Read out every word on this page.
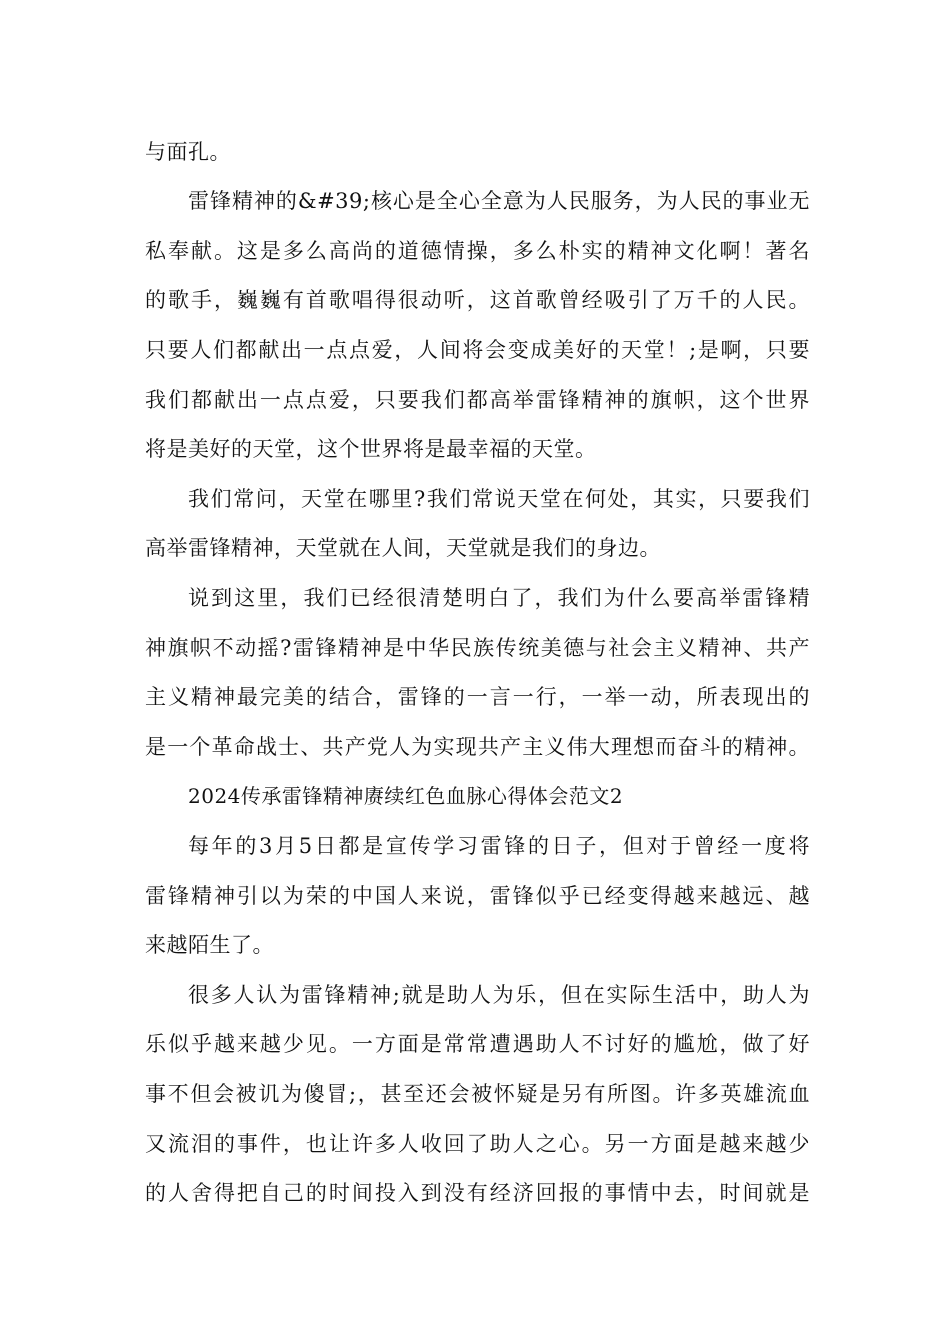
与面孔。
雷锋精神的&#39;核心是全心全意为人民服务，为人民的事业无
私奉献。这是多么高尚的道德情操，多么朴实的精神文化啊！著名
的歌手，巍巍有首歌唱得很动听，这首歌曾经吸引了万千的人民。
只要人们都献出一点点爱，人间将会变成美好的天堂！;是啊，只要
我们都献出一点点爱，只要我们都高举雷锋精神的旗帜，这个世界
将是美好的天堂，这个世界将是最幸福的天堂。
我们常问，天堂在哪里?我们常说天堂在何处，其实，只要我们
高举雷锋精神，天堂就在人间，天堂就是我们的身边。
说到这里，我们已经很清楚明白了，我们为什么要高举雷锋精
神旗帜不动摇?雷锋精神是中华民族传统美德与社会主义精神、共产
主义精神最完美的结合，雷锋的一言一行，一举一动，所表现出的
是一个革命战士、共产党人为实现共产主义伟大理想而奋斗的精神。
2024传承雷锋精神赓续红色血脉心得体会范文2
每年的3月5日都是宣传学习雷锋的日子，但对于曾经一度将
雷锋精神引以为荣的中国人来说，雷锋似乎已经变得越来越远、越
来越陌生了。
很多人认为雷锋精神;就是助人为乐，但在实际生活中，助人为
乐似乎越来越少见。一方面是常常遭遇助人不讨好的尴尬，做了好
事不但会被讥为傻冒;，甚至还会被怀疑是另有所图。许多英雄流血
又流泪的事件，也让许多人收回了助人之心。另一方面是越来越少
的人舍得把自己的时间投入到没有经济回报的事情中去，时间就是
